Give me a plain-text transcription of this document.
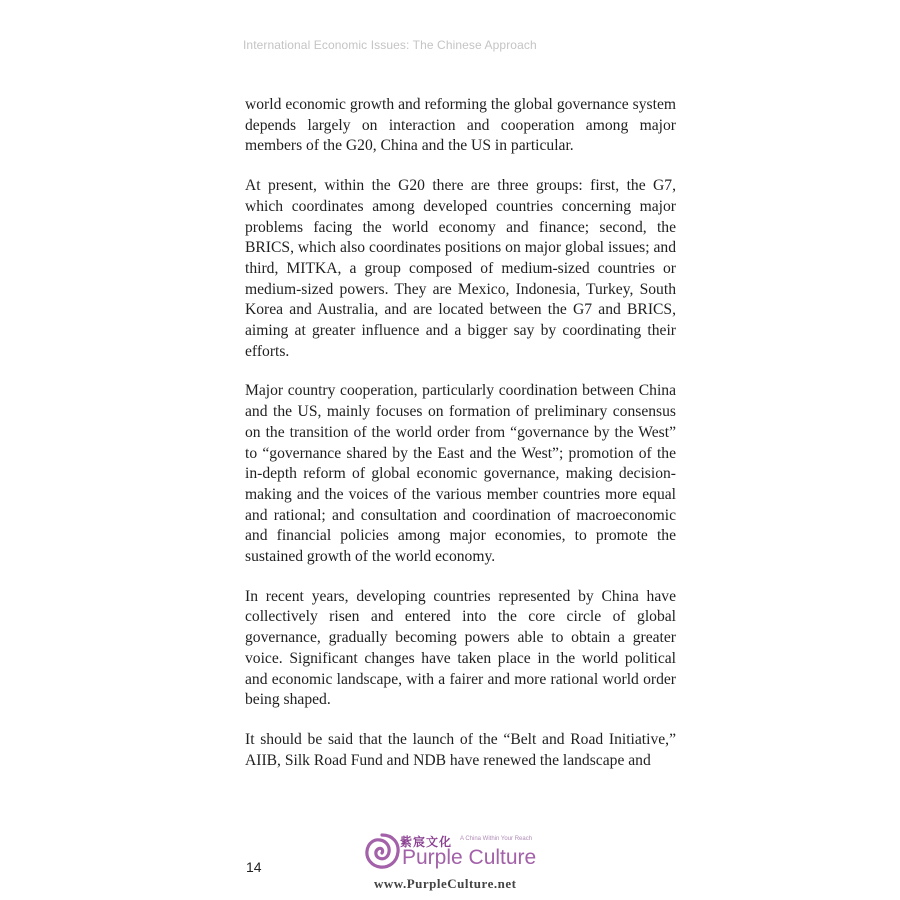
International Economic Issues: The Chinese Approach

world economic growth and reforming the global governance system depends largely on interaction and cooperation among major members of the G20, China and the US in particular.

At present, within the G20 there are three groups: first, the G7, which coordinates among developed countries concerning major problems facing the world economy and finance; second, the BRICS, which also coordinates positions on major global issues; and third, MITKA, a group composed of medium-sized countries or medium-sized powers. They are Mexico, Indonesia, Turkey, South Korea and Australia, and are located between the G7 and BRICS, aiming at greater influence and a bigger say by coordinating their efforts.

Major country cooperation, particularly coordination between China and the US, mainly focuses on formation of preliminary consensus on the transition of the world order from “governance by the West” to “governance shared by the East and the West”; promotion of the in-depth reform of global economic governance, making decision-making and the voices of the various member countries more equal and rational; and consultation and coordination of macroeconomic and financial policies among major economies, to promote the sustained growth of the world economy.

In recent years, developing countries represented by China have collectively risen and entered into the core circle of global governance, gradually becoming powers able to obtain a greater voice. Significant changes have taken place in the world political and economic landscape, with a fairer and more rational world order being shaped.

It should be said that the launch of the “Belt and Road Initiative,” AIIB, Silk Road Fund and NDB have renewed the landscape and

14
紫宸文化 A China Within Your Reach
Purple Culture
www.PurpleCulture.net
